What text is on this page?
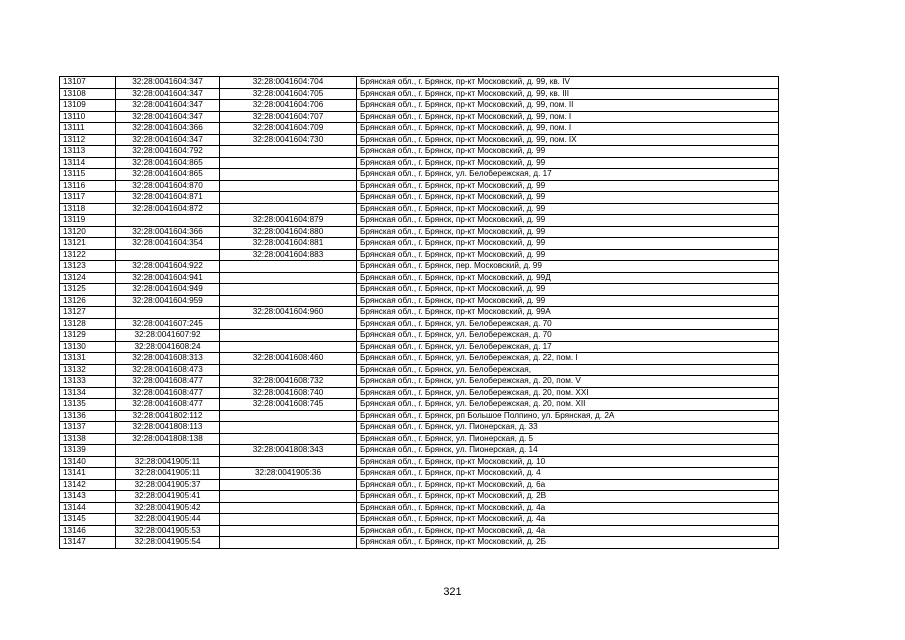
13107	32:28:0041604:347	32:28:0041604:704	Брянская обл., г. Брянск, пр-кт Московский, д. 99, кв. IV
13108	32:28:0041604:347	32:28:0041604:705	Брянская обл., г. Брянск, пр-кт Московский, д. 99, кв. III
13109	32:28:0041604:347	32:28:0041604:706	Брянская обл., г. Брянск, пр-кт Московский, д. 99, пом. II
13110	32:28:0041604:347	32:28:0041604:707	Брянская обл., г. Брянск, пр-кт Московский, д. 99, пом. I
13111	32:28:0041604:366	32:28:0041604:709	Брянская обл., г. Брянск, пр-кт Московский, д. 99, пом. I
13112	32:28:0041604:347	32:28:0041604:730	Брянская обл., г. Брянск, пр-кт Московский, д. 99, пом. IX
13113	32:28:0041604:792		Брянская обл., г. Брянск, пр-кт Московский, д. 99
13114	32:28:0041604:865		Брянская обл., г. Брянск, пр-кт Московский, д. 99
13115	32:28:0041604:865		Брянская обл., г. Брянск, ул. Белобережская, д. 17
13116	32:28:0041604:870		Брянская обл., г. Брянск, пр-кт Московский, д. 99
13117	32:28:0041604:871		Брянская обл., г. Брянск, пр-кт Московский, д. 99
13118	32:28:0041604:872		Брянская обл., г. Брянск, пр-кт Московский, д. 99
13119		32:28:0041604:879	Брянская обл., г. Брянск, пр-кт Московский, д. 99
13120	32:28:0041604:366	32:28:0041604:880	Брянская обл., г. Брянск, пр-кт Московский, д. 99
13121	32:28:0041604:354	32:28:0041604:881	Брянская обл., г. Брянск, пр-кт Московский, д. 99
13122		32:28:0041604:883	Брянская обл., г. Брянск, пр-кт Московский, д. 99
13123	32:28:0041604:922		Брянская обл., г. Брянск, пер. Московский, д. 99
13124	32:28:0041604:941		Брянская обл., г. Брянск, пр-кт Московский, д. 99Д
13125	32:28:0041604:949		Брянская обл., г. Брянск, пр-кт Московский, д. 99
13126	32:28:0041604:959		Брянская обл., г. Брянск, пр-кт Московский, д. 99
13127		32:28:0041604:960	Брянская обл., г. Брянск, пр-кт Московский, д. 99А
13128	32:28:0041607:245		Брянская обл., г. Брянск, ул. Белобережская, д. 70
13129	32:28:0041607:92		Брянская обл., г. Брянск, ул. Белобережская, д. 70
13130	32:28:0041608:24		Брянская обл., г. Брянск, ул. Белобережская, д. 17
13131	32:28:0041608:313	32:28:0041608:460	Брянская обл., г. Брянск, ул. Белобережская, д. 22, пом. I
13132	32:28:0041608:473		Брянская обл., г. Брянск, ул. Белобережская,
13133	32:28:0041608:477	32:28:0041608:732	Брянская обл., г. Брянск, ул. Белобережская, д. 20, пом. V
13134	32:28:0041608:477	32:28:0041608:740	Брянская обл., г. Брянск, ул. Белобережская, д. 20, пом. XXI
13135	32:28:0041608:477	32:28:0041608:745	Брянская обл., г. Брянск, ул. Белобережская, д. 20, пом. XII
13136	32:28:0041802:112		Брянская обл., г. Брянск, рп Большое Полпино, ул. Брянская, д. 2А
13137	32:28:0041808:113		Брянская обл., г. Брянск, ул. Пионерская, д. 33
13138	32:28:0041808:138		Брянская обл., г. Брянск, ул. Пионерская, д. 5
13139		32:28:0041808:343	Брянская обл., г. Брянск, ул. Пионерская, д. 14
13140	32:28:0041905:11		Брянская обл., г. Брянск, пр-кт Московский, д. 10
13141	32:28:0041905:11	32:28:0041905:36	Брянская обл., г. Брянск, пр-кт Московский, д. 4
13142	32:28:0041905:37		Брянская обл., г. Брянск, пр-кт Московский, д. 6а
13143	32:28:0041905:41		Брянская обл., г. Брянск, пр-кт Московский, д. 2В
13144	32:28:0041905:42		Брянская обл., г. Брянск, пр-кт Московский, д. 4а
13145	32:28:0041905:44		Брянская обл., г. Брянск, пр-кт Московский, д. 4а
13146	32:28:0041905:53		Брянская обл., г. Брянск, пр-кт Московский, д. 4а
13147	32:28:0041905:54		Брянская обл., г. Брянск, пр-кт Московский, д. 2Б
321
